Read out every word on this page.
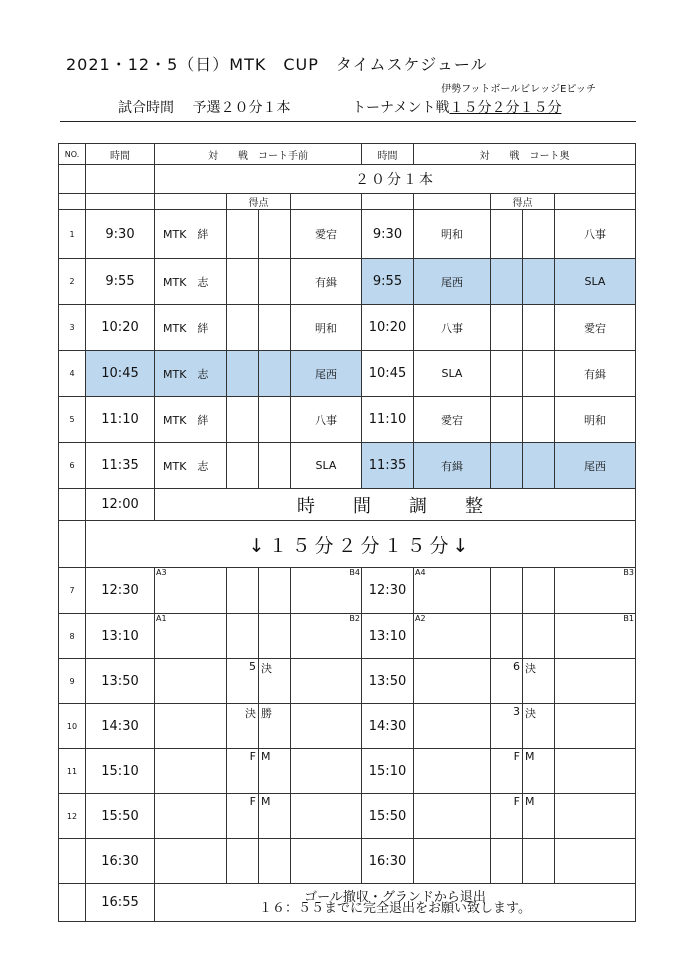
2021・12・5（日）MTK　CUP　タイムスケジュール
伊勢フットボールビレッジEピッチ
試合時間　 予選２０分１本	トーナメント戦１５分２分１５分
NO.	時間	対　　戦　コート手前				時間	対　　戦　コート奥			
		２０分１本								
			得点					得点		
1	9:30	MTK　絆			愛宕	9:30	明和			八事
2	9:55	MTK　志			有緝	9:55	尾西			SLA
3	10:20	MTK　絆			明和	10:20	八事			愛宕
4	10:45	MTK　志			尾西	10:45	SLA			有緝
5	11:10	MTK　絆			八事	11:10	愛宕			明和
6	11:35	MTK　志			SLA	11:35	有緝			尾西
	12:00	時　間　調　整								
	↓１５分２分１５分↓									
7	12:30	A3			B4	12:30	A4			B3

8	13:10	A1			B2	13:10	A2			B1

9	13:50		5	決		13:50		6	決	

10	14:30		決	勝		14:30		3	決	

11	15:10		F	M		15:10		F	M	

12	15:50		F	M		15:50		F	M	

	16:30					16:30				
	16:55	ゴール撤収・グランドから退出
１６：５５までに完全退出をお願い致します。								
